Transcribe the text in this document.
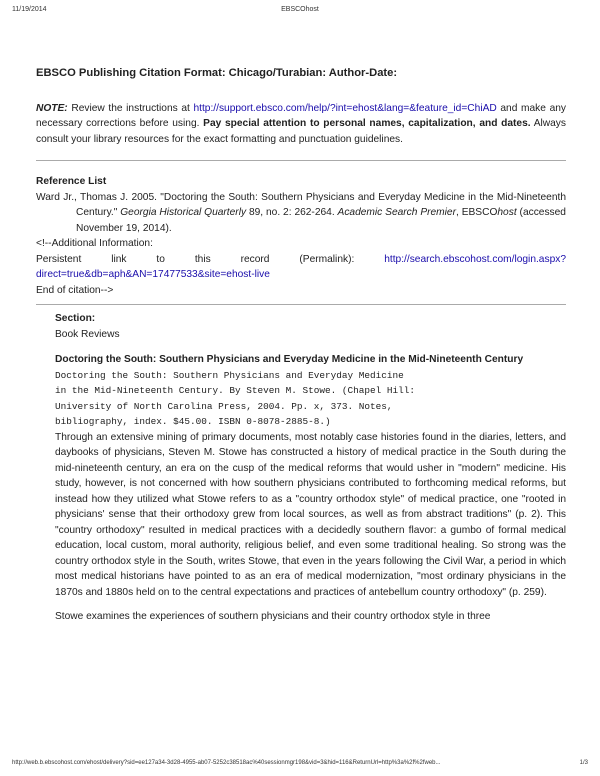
11/19/2014	EBSCOhost

EBSCO Publishing Citation Format: Chicago/Turabian: Author-Date:

NOTE: Review the instructions at http://support.ebsco.com/help/?int=ehost&lang=&feature_id=ChiAD and make any necessary corrections before using. Pay special attention to personal names, capitalization, and dates. Always consult your library resources for the exact formatting and punctuation guidelines.

Reference List

Ward Jr., Thomas J. 2005. "Doctoring the South: Southern Physicians and Everyday Medicine in the Mid-Nineteenth Century." Georgia Historical Quarterly 89, no. 2: 262-264. Academic Search Premier, EBSCOhost (accessed November 19, 2014).

<!--Additional Information:

Persistent link to this record (Permalink): http://search.ebscohost.com/login.aspx?direct=true&db=aph&AN=17477533&site=ehost-live

End of citation-->

Section:

Book Reviews

Doctoring the South: Southern Physicians and Everyday Medicine in the Mid-Nineteenth Century

Doctoring the South: Southern Physicians and Everyday Medicine
in the Mid-Nineteenth Century. By Steven M. Stowe. (Chapel Hill:
University of North Carolina Press, 2004. Pp. x, 373. Notes,
bibliography, index. $45.00. ISBN 0-8078-2885-8.)

Through an extensive mining of primary documents, most notably case histories found in the diaries, letters, and daybooks of physicians, Steven M. Stowe has constructed a history of medical practice in the South during the mid-nineteenth century, an era on the cusp of the medical reforms that would usher in "modern" medicine. His study, however, is not concerned with how southern physicians contributed to forthcoming medical reforms, but instead how they utilized what Stowe refers to as a "country orthodox style" of medical practice, one "rooted in physicians' sense that their orthodoxy grew from local sources, as well as from abstract traditions" (p. 2). This "country orthodoxy" resulted in medical practices with a decidedly southern flavor: a gumbo of formal medical education, local custom, moral authority, religious belief, and even some traditional healing. So strong was the country orthodox style in the South, writes Stowe, that even in the years following the Civil War, a period in which most medical historians have pointed to as an era of medical modernization, "most ordinary physicians in the 1870s and 1880s held on to the central expectations and practices of antebellum country orthodoxy" (p. 259).

Stowe examines the experiences of southern physicians and their country orthodox style in three

http://web.b.ebscohost.com/ehost/delivery?sid=ee127a34-3d28-4955-ab07-5252c38518ac%40sessionmgr198&vid=3&hid=116&ReturnUrl=http%3a%2f%2fweb...	1/3
